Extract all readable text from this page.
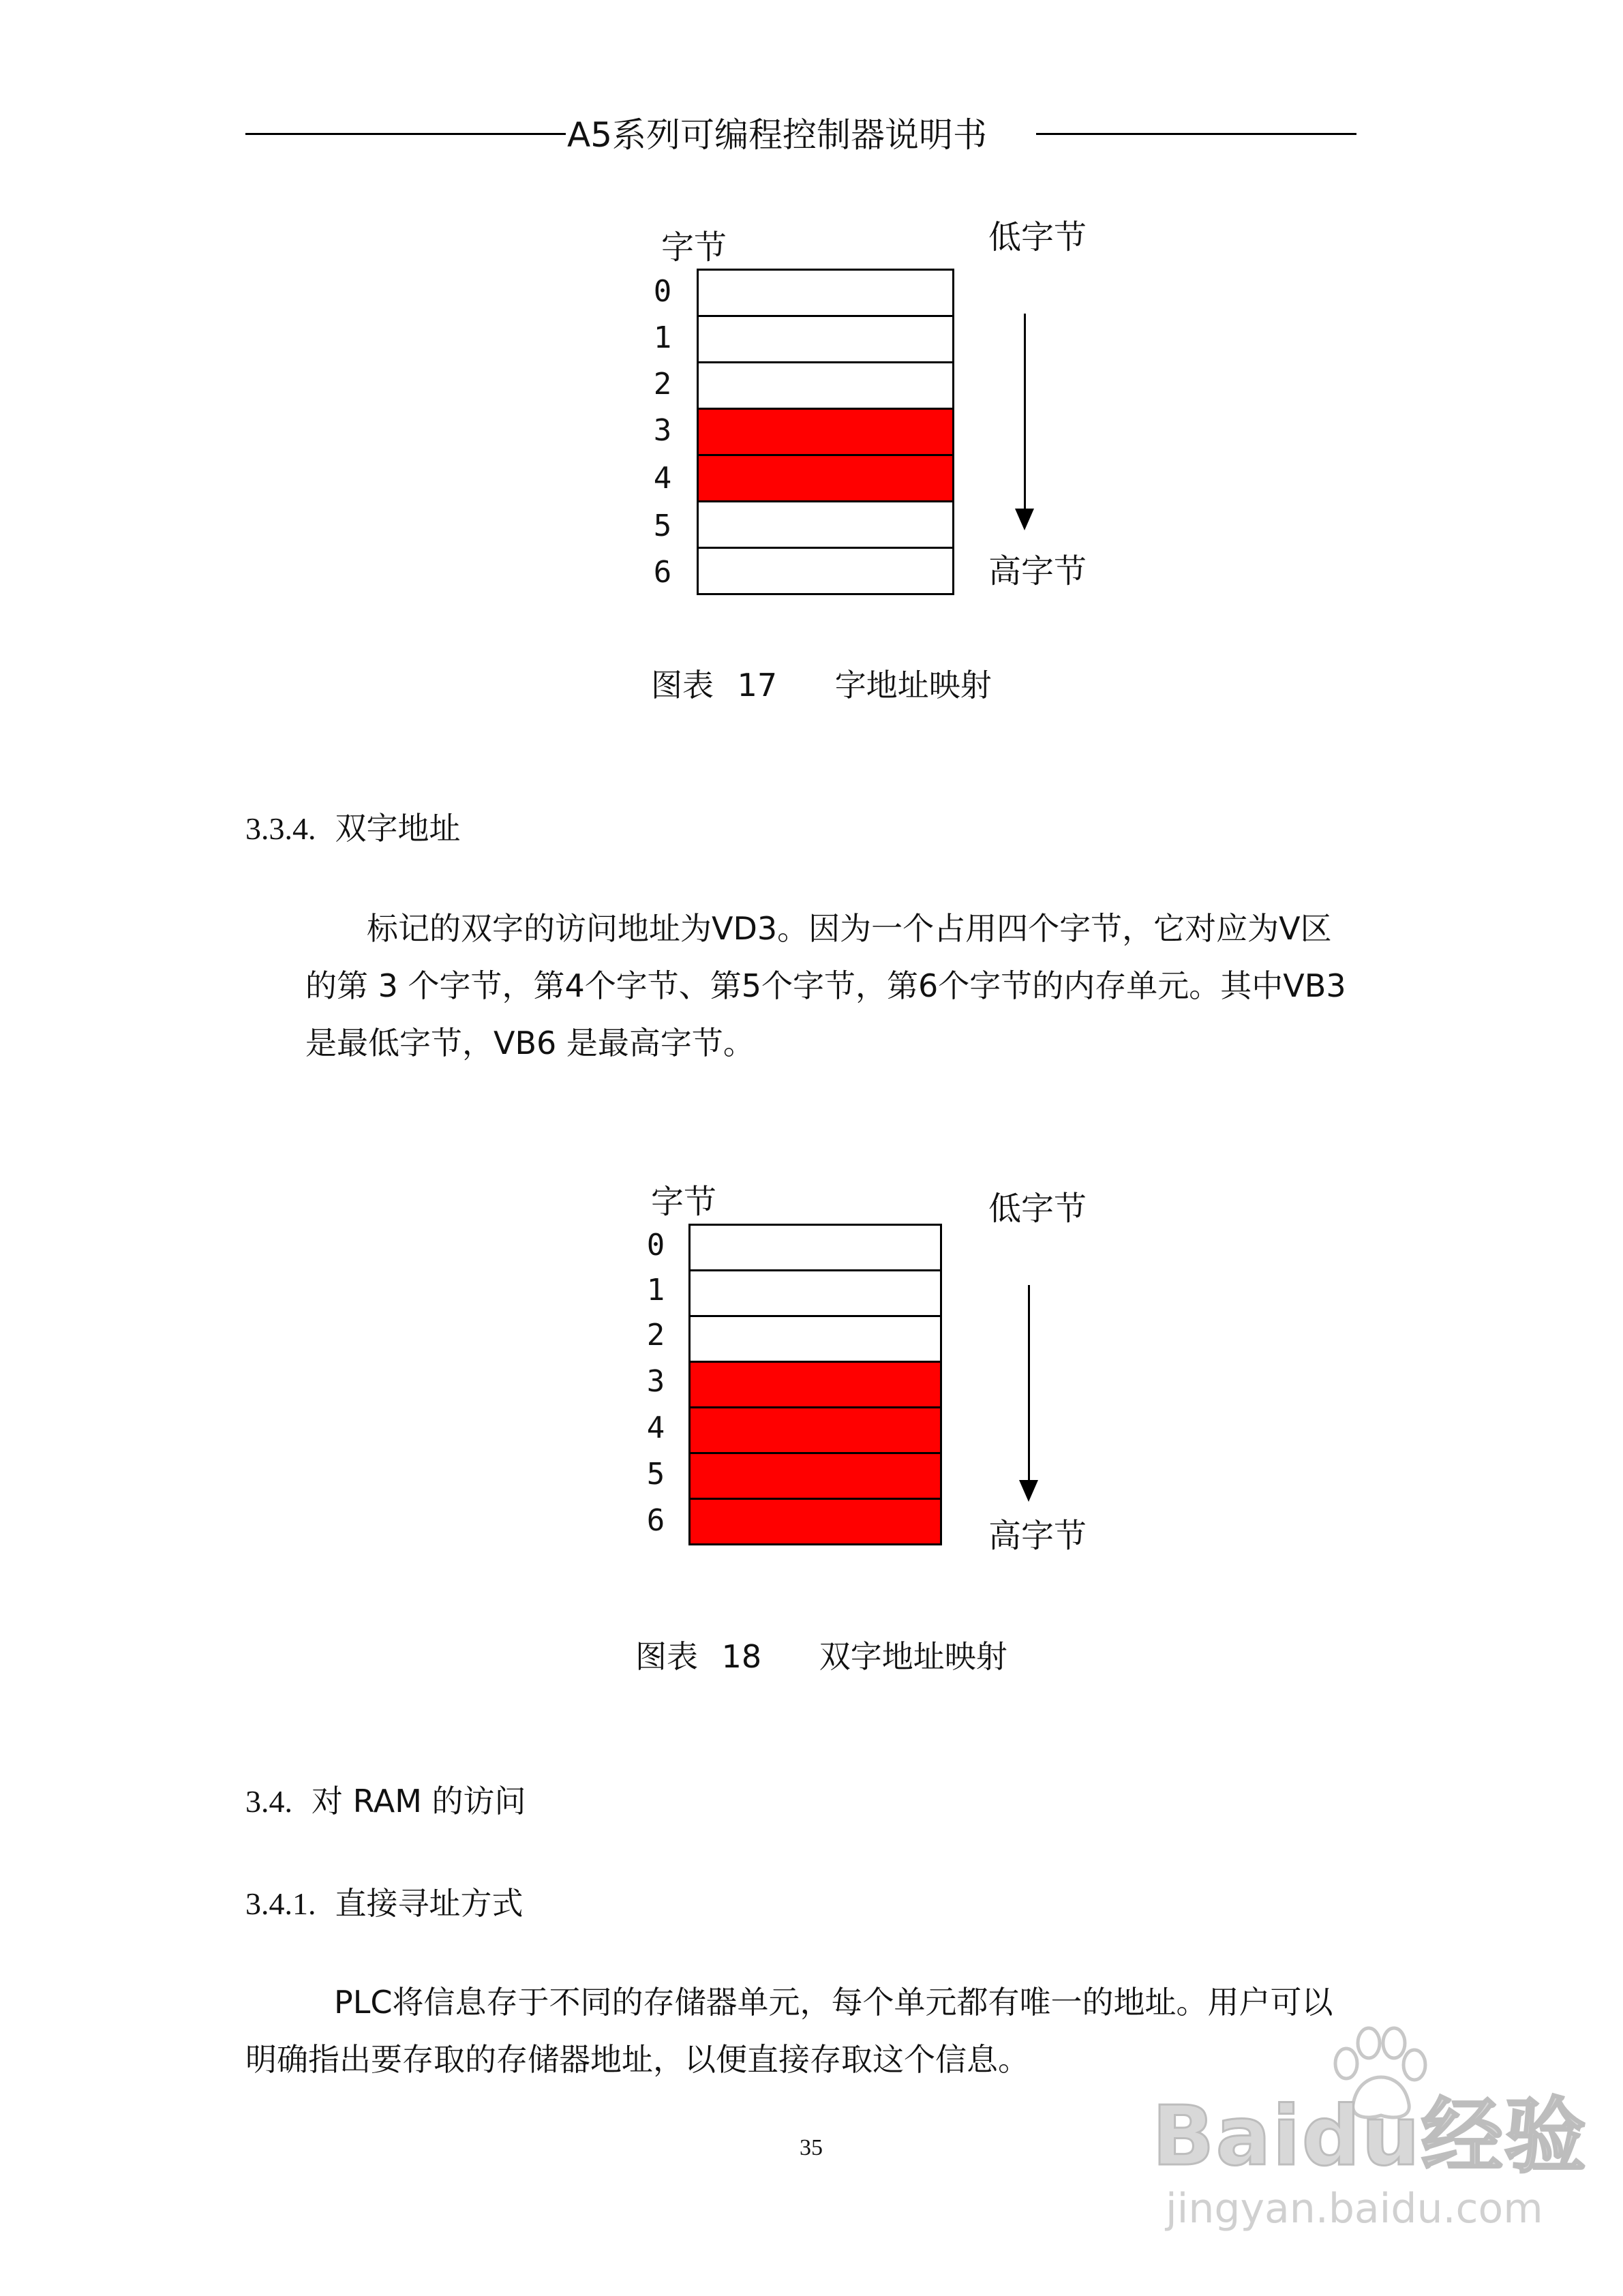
A5系列可编程控制器说明书
字节	低字节
高字节
0
1
2
3
4
5
6
图表 17 字地址映射
3.3.4. 双字地址
标记的双字的访问地址为VD3。因为一个占用四个字节，它对应为Ⅴ区
的第 3 个字节，第4个字节、第5个字节，第6个字节的内存单元。其中VB3
是最低字节，VB6 是最高字节。
字节	低字节
高字节
0
1
2
3
4
5
6
图表 18 双字地址映射
3.4. 对 RAM 的访问
3.4.1. 直接寻址方式
PLC将信息存于不同的存储器单元，每个单元都有唯一的地址。用户可以
明确指出要存取的存储器地址，以便直接存取这个信息。
35	Baidu经验
jingyan.baidu.com
